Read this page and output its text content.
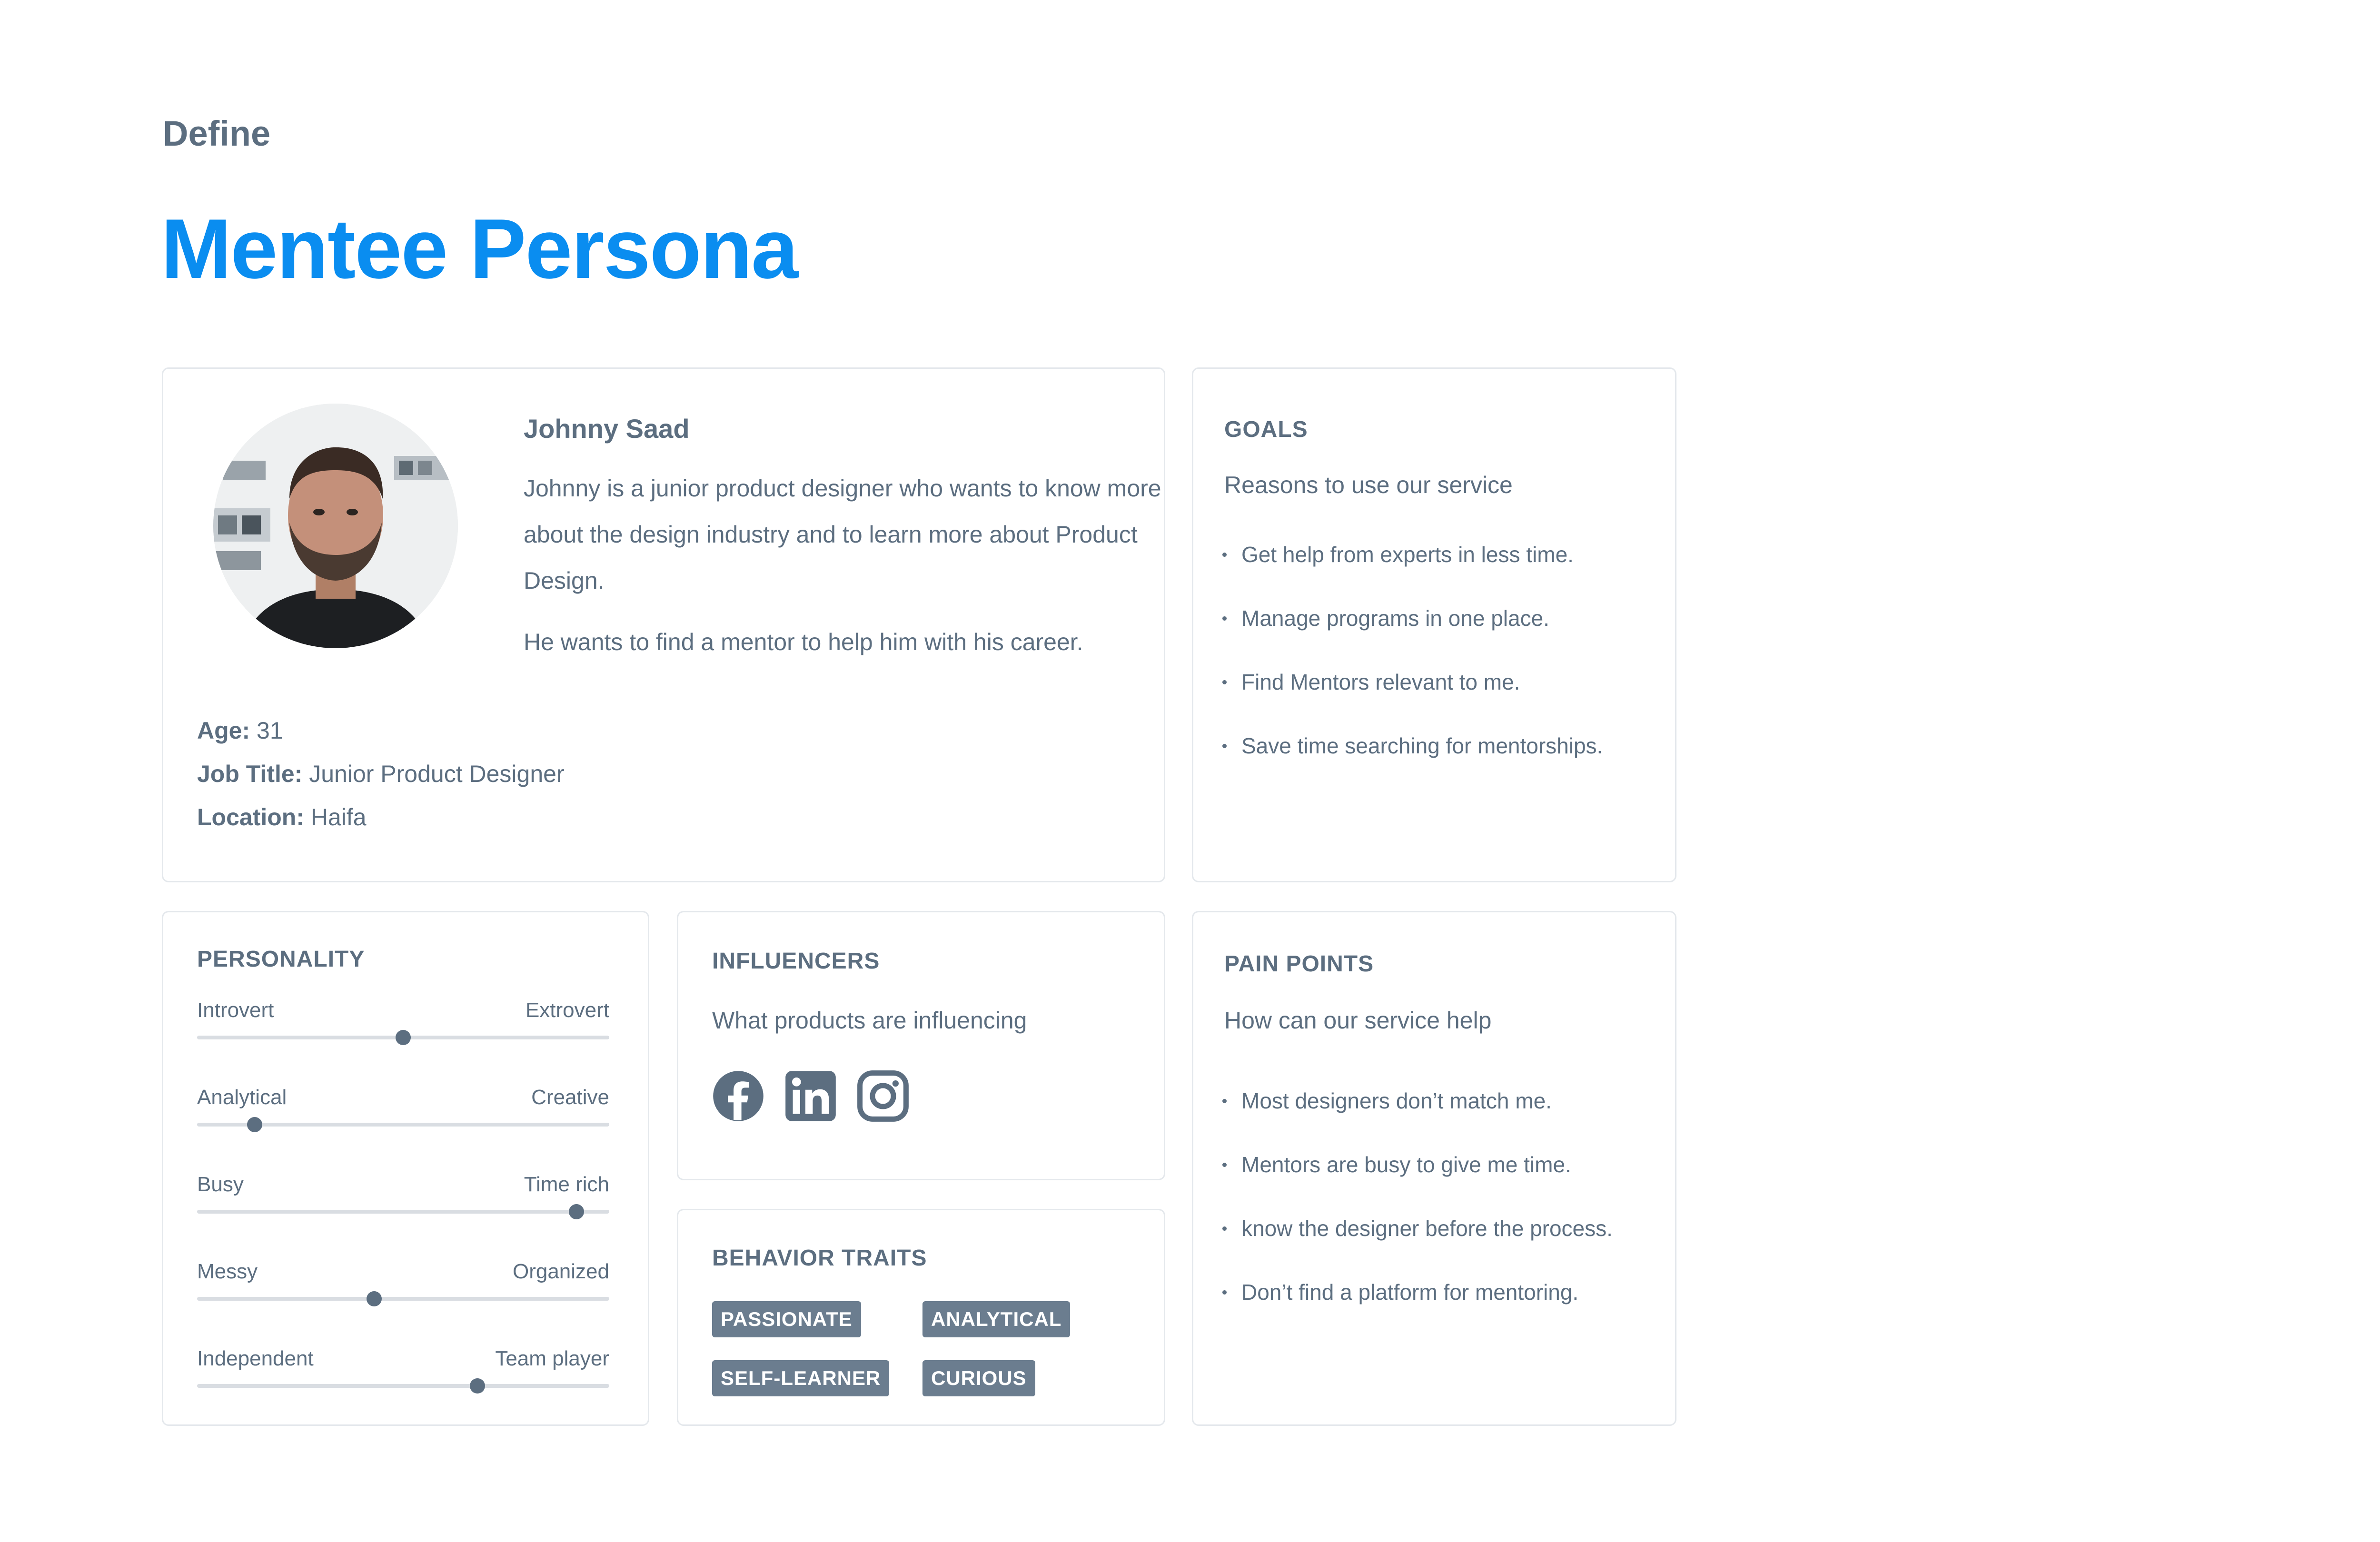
Define
Mentee Persona
Johnny Saad
Johnny is a junior product designer who wants to know more about the design industry and to learn more about Product Design.
He wants to find a mentor to help him with his career.
Age: 31
Job Title: Junior Product Designer
Location: Haifa
GOALS
Reasons to use our service
Get help from experts in less time.
Manage programs in one place.
Find Mentors relevant to me.
Save time searching for mentorships.
PERSONALITY
Introvert	Extrovert
Analytical	Creative
Busy	Time rich
Messy	Organized
Independent	Team player
INFLUENCERS
What products are influencing
BEHAVIOR TRAITS
PASSIONATE	ANALYTICAL
SELF-LEARNER	CURIOUS
PAIN POINTS
How can our service help
Most designers don’t match me.
Mentors are busy to give me time.
know the designer before the process.
Don’t find a platform for mentoring.
